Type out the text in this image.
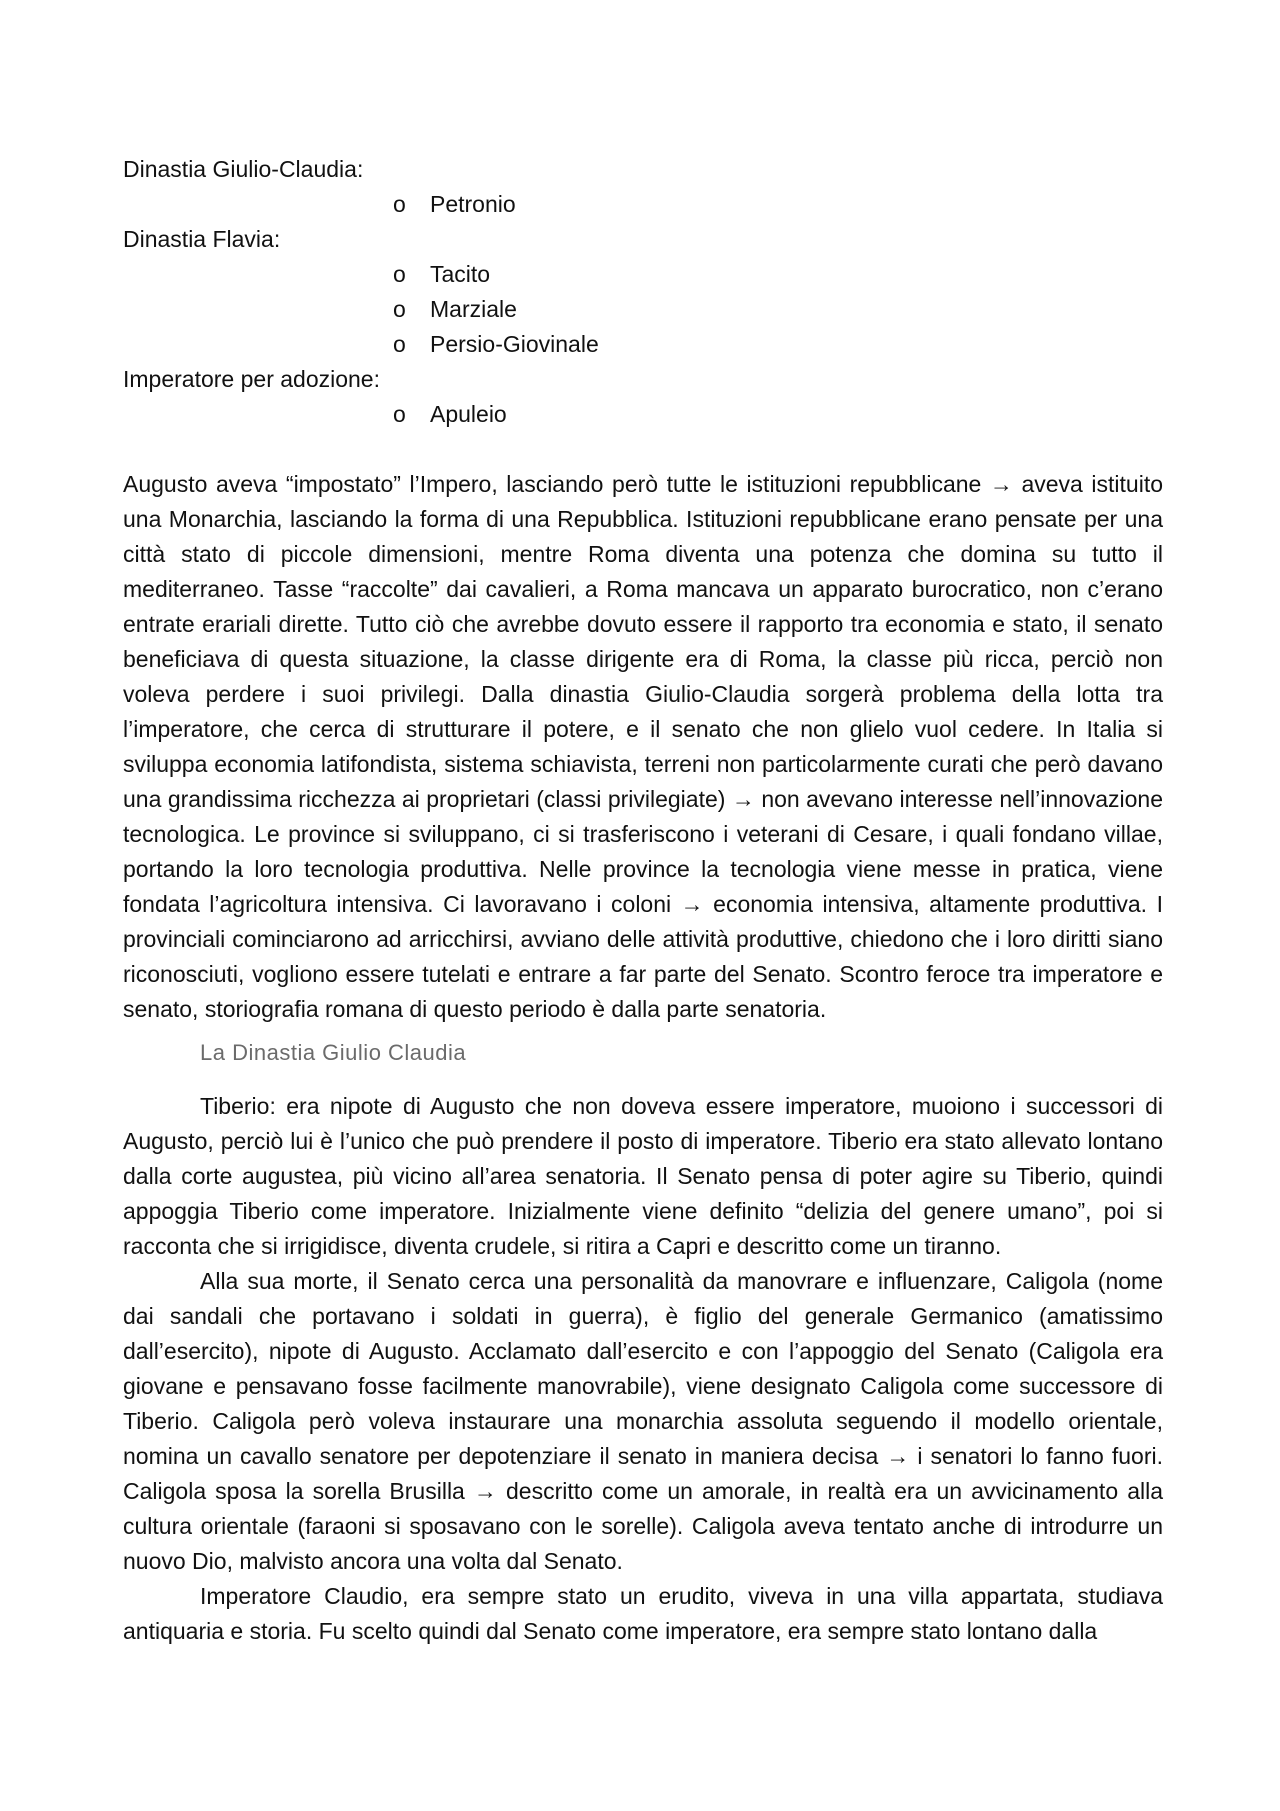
Dinastia Giulio-Claudia:
o	Petronio
Dinastia Flavia:
o	Tacito
o	Marziale
o	Persio-Giovinale
Imperatore per adozione:
o	Apuleio

Augusto aveva “impostato” l’Impero, lasciando però tutte le istituzioni repubblicane → aveva istituito una Monarchia, lasciando la forma di una Repubblica. Istituzioni repubblicane erano pensate per una città stato di piccole dimensioni, mentre Roma diventa una potenza che domina su tutto il mediterraneo. Tasse “raccolte” dai cavalieri, a Roma mancava un apparato burocratico, non c’erano entrate erariali dirette. Tutto ciò che avrebbe dovuto essere il rapporto tra economia e stato, il senato beneficiava di questa situazione, la classe dirigente era di Roma, la classe più ricca, perciò non voleva perdere i suoi privilegi. Dalla dinastia Giulio-Claudia sorgerà problema della lotta tra l’imperatore, che cerca di strutturare il potere, e il senato che non glielo vuol cedere. In Italia si sviluppa economia latifondista, sistema schiavista, terreni non particolarmente curati che però davano una grandissima ricchezza ai proprietari (classi privilegiate) → non avevano interesse nell’innovazione tecnologica. Le province si sviluppano, ci si trasferiscono i veterani di Cesare, i quali fondano villae, portando la loro tecnologia produttiva. Nelle province la tecnologia viene messe in pratica, viene fondata l’agricoltura intensiva. Ci lavoravano i coloni → economia intensiva, altamente produttiva. I provinciali cominciarono ad arricchirsi, avviano delle attività produttive, chiedono che i loro diritti siano riconosciuti, vogliono essere tutelati e entrare a far parte del Senato. Scontro feroce tra imperatore e senato, storiografia romana di questo periodo è dalla parte senatoria.

La Dinastia Giulio Claudia

Tiberio: era nipote di Augusto che non doveva essere imperatore, muoiono i successori di Augusto, perciò lui è l’unico che può prendere il posto di imperatore. Tiberio era stato allevato lontano dalla corte augustea, più vicino all’area senatoria. Il Senato pensa di poter agire su Tiberio, quindi appoggia Tiberio come imperatore. Inizialmente viene definito “delizia del genere umano”, poi si racconta che si irrigidisce, diventa crudele, si ritira a Capri e descritto come un tiranno.

Alla sua morte, il Senato cerca una personalità da manovrare e influenzare, Caligola (nome dai sandali che portavano i soldati in guerra), è figlio del generale Germanico (amatissimo dall’esercito), nipote di Augusto. Acclamato dall’esercito e con l’appoggio del Senato (Caligola era giovane e pensavano fosse facilmente manovrabile), viene designato Caligola come successore di Tiberio. Caligola però voleva instaurare una monarchia assoluta seguendo il modello orientale, nomina un cavallo senatore per depotenziare il senato in maniera decisa → i senatori lo fanno fuori. Caligola sposa la sorella Brusilla → descritto come un amorale, in realtà era un avvicinamento alla cultura orientale (faraoni si sposavano con le sorelle). Caligola aveva tentato anche di introdurre un nuovo Dio, malvisto ancora una volta dal Senato.

Imperatore Claudio, era sempre stato un erudito, viveva in una villa appartata, studiava antiquaria e storia. Fu scelto quindi dal Senato come imperatore, era sempre stato lontano dalla
